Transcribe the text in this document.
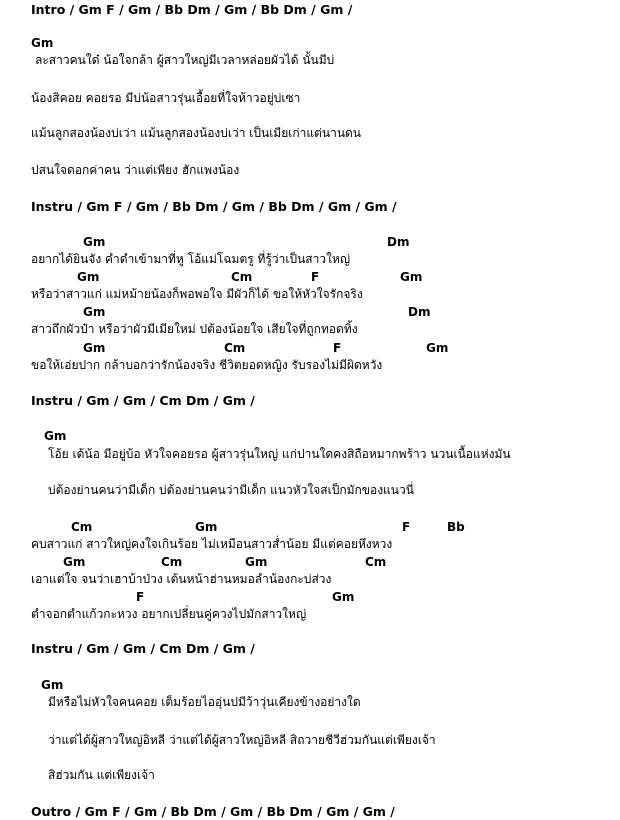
Intro / Gm F / Gm / Bb Dm / Gm / Bb Dm / Gm /
Gm
ละสาวคนใด๋ น้อใจกล้า ผู้สาวใหญ่มีเวลาหล่อยผัวได้ นั้นมีบ่
น้องสิคอย คอยรอ มีบ่น้อสาวรุ่นเอื้อยที่ใจห้าวอยู่บ่เซา
แม้นลูกสองน้องบ่เว่า แม้นลูกสองน้องบ่เว่า เป็นเมียเก่าแต่นานดน
ปสนใจดอกค่าคน ว่าแต่เพียง ฮักแพงน้อง
Instru / Gm F / Gm / Bb Dm / Gm / Bb Dm / Gm / Gm /
Gm	Dm
อยากได้ยินจัง คำดำเข้ามาที่หู โอ้แม่โฉมตรู ที่รู้ว่าเป็นสาวใหญ่
Gm	Cm	F	Gm
หรือว่าสาวแก่ แม่หม้ายน้องก็พอพอใจ มีผัวก็ได้ ขอให้หัวใจรักจริง
Gm	Dm
สาวถึกผัวป๋า หรือว่าผัวมีเมียใหม่ ปต้องน้อยใจ เสียใจที่ถูกทอดทิ้ง
Gm	Cm	F	Gm
ขอให้เอ่ยปาก กล้าบอกว่ารักน้องจริง ชีวิตยอดหญิง รับรองไม่มีผิดหวัง
Instru / Gm / Gm / Cm Dm / Gm /
Gm
โอ้ย เด้น้อ มีอยู่บ้อ หัวใจคอยรอ ผู้สาวรุ่นใหญ่ แก่ปานใดคงสิถือหมากพร้าว นวนเนื้อแห่งมัน
บ่ต้องย่านคนว่ามีเด็ก บ่ต้องย่านคนว่ามีเด็ก แนวหัวใจสเป็กมักของแนวนี่
Cm	Gm	F	Bb
คบสาวแก่ สาวใหญ่คงใจเกินร้อย ไม่เหมือนสาวส่ำน้อย มีแต่คอยหึงหวง
Gm	Cm	Gm	Cm
เอาแต่ใจ จนว่าเฮาบ้าป่วง เต้นหน้าฮ่านหมอลำน้องกะบ่ส่วง
F	Gm
ตำจอกตำแก้วกะหวง อยากเปลี่ยนคู่ควงไปมักสาวใหญ่
Instru / Gm / Gm / Cm Dm / Gm /
Gm
มีหรือไม่หัวใจคนคอย เต็มร้อยไออุ่นปมีว้าวุ่นเคียงข้างอย่างใด
ว่าแต่ได้ผู้สาวใหญ่อิหลี ว่าแต่ได้ผู้สาวใหญ่อิหลี สิถวายชีวีฮ่วมกันแต่เพียงเจ้า
สิฮ่วมกัน แต่เพียงเจ้า
Outro / Gm F / Gm / Bb Dm / Gm / Bb Dm / Gm / Gm /
